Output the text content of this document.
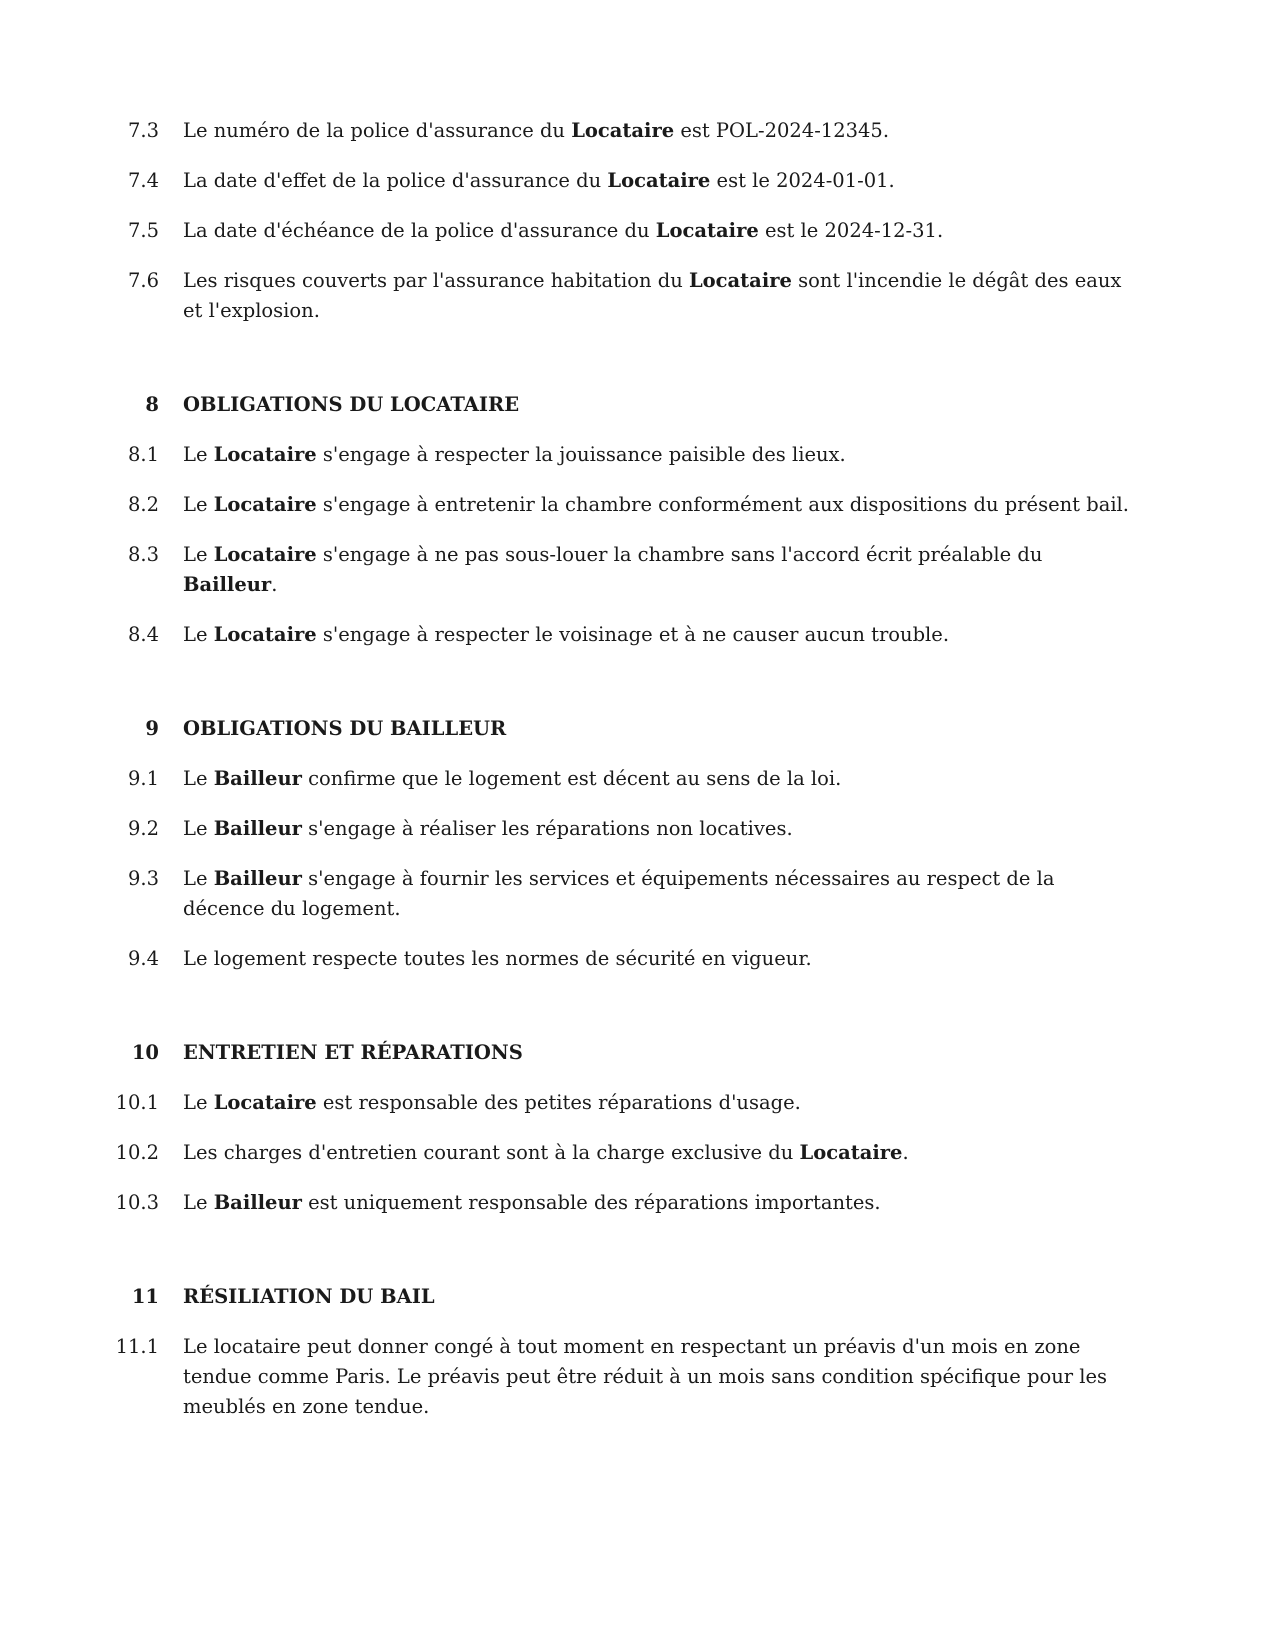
7.3	Le numéro de la police d'assurance du Locataire est POL-2024-12345.
7.4	La date d'effet de la police d'assurance du Locataire est le 2024-01-01.
7.5	La date d'échéance de la police d'assurance du Locataire est le 2024-12-31.
7.6	Les risques couverts par l'assurance habitation du Locataire sont l'incendie le dégât des eaux et l'explosion.
8	OBLIGATIONS DU LOCATAIRE
8.1	Le Locataire s'engage à respecter la jouissance paisible des lieux.
8.2	Le Locataire s'engage à entretenir la chambre conformément aux dispositions du présent bail.
8.3	Le Locataire s'engage à ne pas sous-louer la chambre sans l'accord écrit préalable du Bailleur.
8.4	Le Locataire s'engage à respecter le voisinage et à ne causer aucun trouble.
9	OBLIGATIONS DU BAILLEUR
9.1	Le Bailleur confirme que le logement est décent au sens de la loi.
9.2	Le Bailleur s'engage à réaliser les réparations non locatives.
9.3	Le Bailleur s'engage à fournir les services et équipements nécessaires au respect de la décence du logement.
9.4	Le logement respecte toutes les normes de sécurité en vigueur.
10	ENTRETIEN ET RÉPARATIONS
10.1	Le Locataire est responsable des petites réparations d'usage.
10.2	Les charges d'entretien courant sont à la charge exclusive du Locataire.
10.3	Le Bailleur est uniquement responsable des réparations importantes.
11	RÉSILIATION DU BAIL
11.1	Le locataire peut donner congé à tout moment en respectant un préavis d'un mois en zone tendue comme Paris. Le préavis peut être réduit à un mois sans condition spécifique pour les meublés en zone tendue.
